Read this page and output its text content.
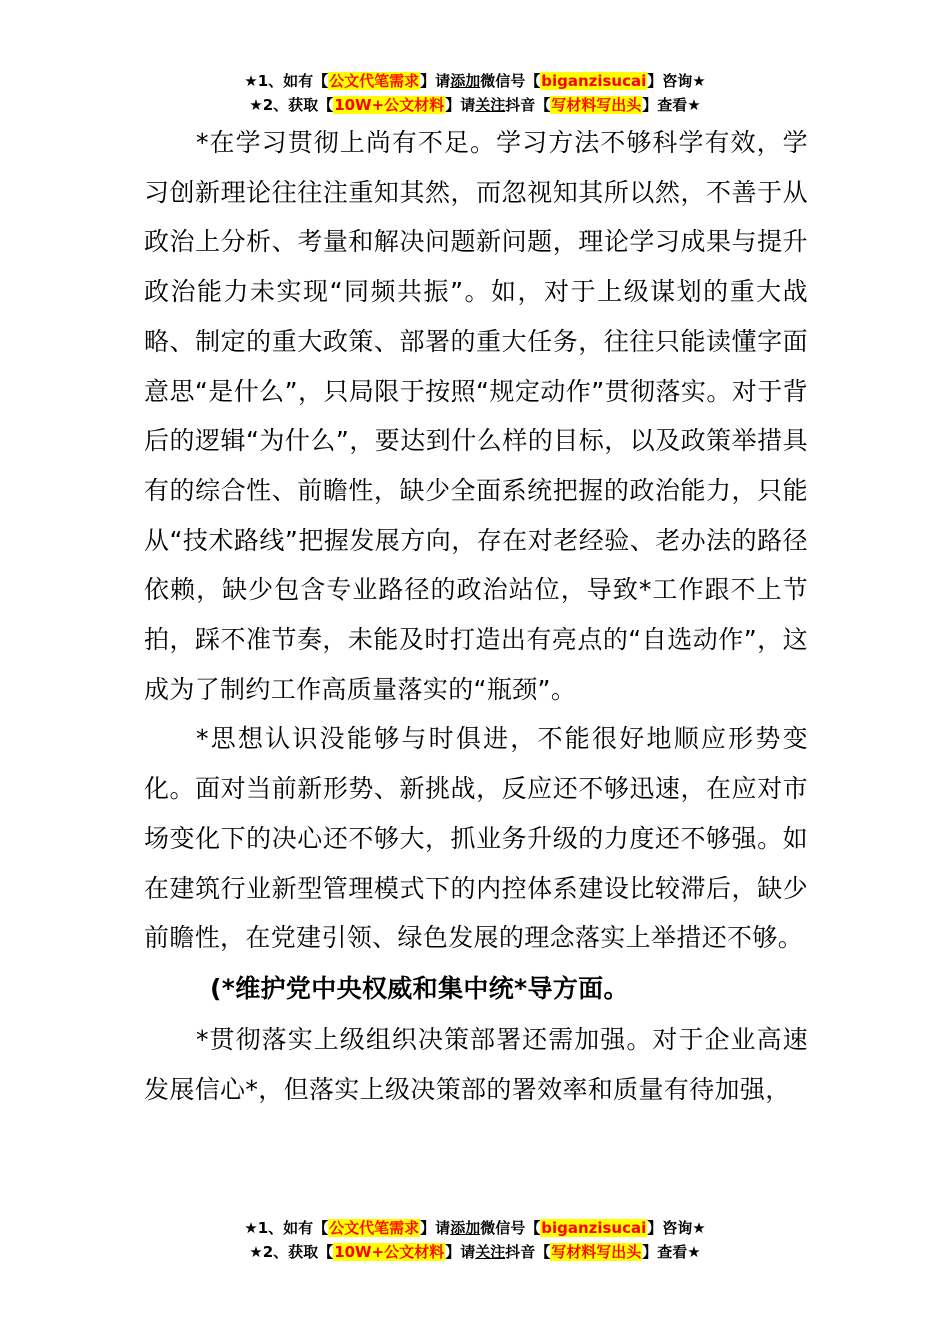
★1、如有【公文代笔需求】请添加微信号【biganzisucai】咨询★
★2、获取【10W+公文材料】请关注抖音【写材料写出头】查看★

*在学习贯彻上尚有不足。学习方法不够科学有效，学习创新理论往往注重知其然，而忽视知其所以然，不善于从政治上分析、考量和解决问题新问题，理论学习成果与提升政治能力未实现“同频共振”。如，对于上级谋划的重大战略、制定的重大政策、部署的重大任务，往往只能读懂字面意思“是什么”，只局限于按照“规定动作”贯彻落实。对于背后的逻辑“为什么”，要达到什么样的目标，以及政策举措具有的综合性、前瞻性，缺少全面系统把握的政治能力，只能从“技术路线”把握发展方向，存在对老经验、老办法的路径依赖，缺少包含专业路径的政治站位，导致*工作跟不上节拍，踩不准节奏，未能及时打造出有亮点的“自选动作”，这成为了制约工作高质量落实的“瓶颈”。

*思想认识没能够与时俱进，不能很好地顺应形势变化。面对当前新形势、新挑战，反应还不够迅速，在应对市场变化下的决心还不够大，抓业务升级的力度还不够强。如在建筑行业新型管理模式下的内控体系建设比较滞后，缺少前瞻性，在党建引领、绿色发展的理念落实上举措还不够。

(*维护党中央权威和集中统*导方面。

*贯彻落实上级组织决策部署还需加强。对于企业高速发展信心*，但落实上级决策部的署效率和质量有待加强，

★1、如有【公文代笔需求】请添加微信号【biganzisucai】咨询★
★2、获取【10W+公文材料】请关注抖音【写材料写出头】查看★
